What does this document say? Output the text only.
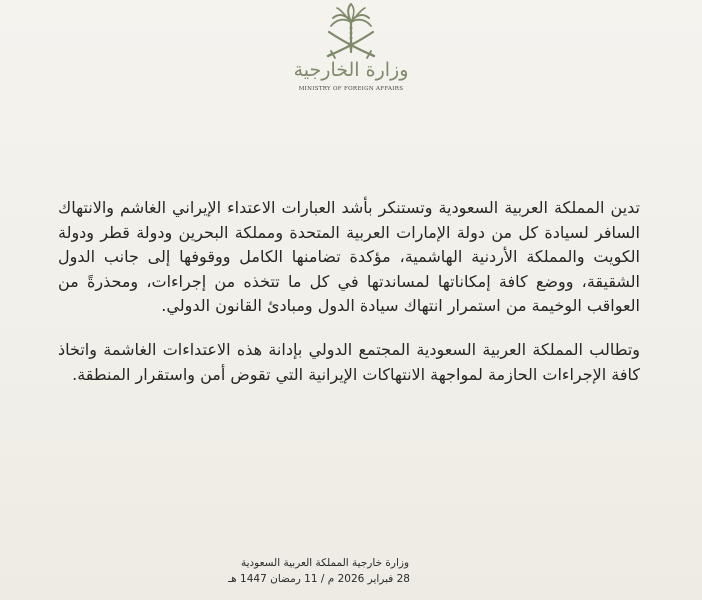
وزارة الخارجية
MINISTRY OF FOREIGN AFFAIRS

تدين المملكة العربية السعودية وتستنكر بأشد العبارات الاعتداء الإيراني الغاشم والانتهاك السافر لسيادة كل من دولة الإمارات العربية المتحدة ومملكة البحرين ودولة قطر ودولة الكويت والمملكة الأردنية الهاشمية، مؤكدة تضامنها الكامل ووقوفها إلى جانب الدول الشقيقة، ووضع كافة إمكاناتها لمساندتها في كل ما تتخذه من إجراءات، ومحذرةً من العواقب الوخيمة من استمرار انتهاك سيادة الدول ومبادئ القانون الدولي.

وتطالب المملكة العربية السعودية المجتمع الدولي بإدانة هذه الاعتداءات الغاشمة واتخاذ كافة الإجراءات الحازمة لمواجهة الانتهاكات الإيرانية التي تقوض أمن واستقرار المنطقة.

وزارة خارجية المملكة العربية السعودية
28 فبراير 2026 م / 11 رمضان 1447 هـ
